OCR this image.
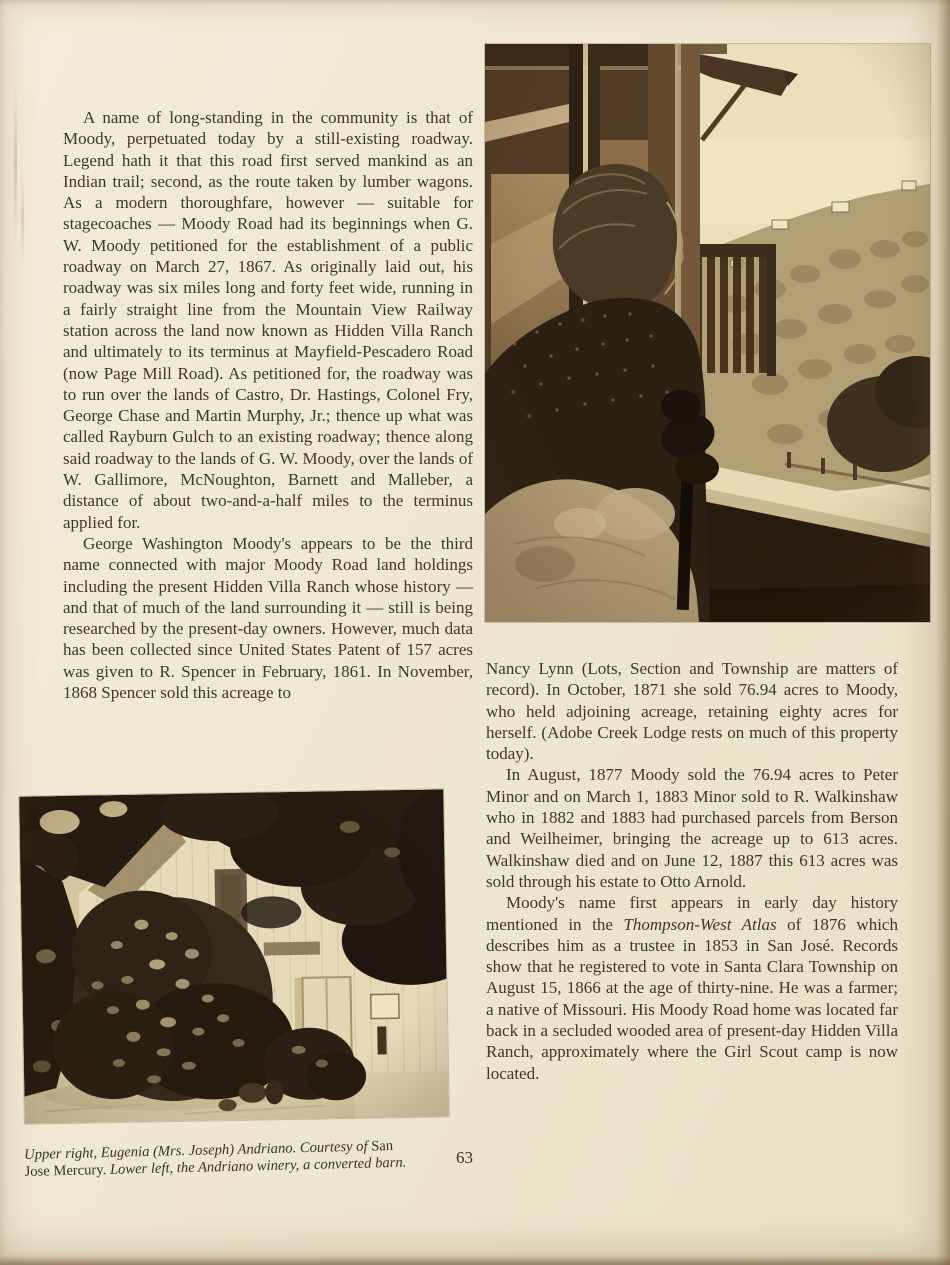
A name of long-standing in the community is that of Moody, perpetuated today by a still-existing roadway. Legend hath it that this road first served mankind as an Indian trail; second, as the route taken by lumber wagons. As a modern thoroughfare, however — suitable for stagecoaches — Moody Road had its beginnings when G. W. Moody petitioned for the establishment of a public roadway on March 27, 1867. As originally laid out, his roadway was six miles long and forty feet wide, running in a fairly straight line from the Mountain View Railway station across the land now known as Hidden Villa Ranch and ultimately to its terminus at Mayfield-Pescadero Road (now Page Mill Road). As petitioned for, the roadway was to run over the lands of Castro, Dr. Hastings, Colonel Fry, George Chase and Martin Murphy, Jr.; thence up what was called Rayburn Gulch to an existing roadway; thence along said roadway to the lands of G. W. Moody, over the lands of W. Gallimore, McNoughton, Barnett and Malleber, a distance of about two-and-a-half miles to the terminus applied for.

George Washington Moody's appears to be the third name connected with major Moody Road land holdings including the present Hidden Villa Ranch whose history — and that of much of the land surrounding it — still is being researched by the present-day owners. However, much data has been collected since United States Patent of 157 acres was given to R. Spencer in February, 1861. In November, 1868 Spencer sold this acreage to

Nancy Lynn (Lots, Section and Township are matters of record). In October, 1871 she sold 76.94 acres to Moody, who held adjoining acreage, retaining eighty acres for herself. (Adobe Creek Lodge rests on much of this property today).

In August, 1877 Moody sold the 76.94 acres to Peter Minor and on March 1, 1883 Minor sold to R. Walkinshaw who in 1882 and 1883 had purchased parcels from Berson and Weilheimer, bringing the acreage up to 613 acres. Walkinshaw died and on June 12, 1887 this 613 acres was sold through his estate to Otto Arnold.

Moody's name first appears in early day history mentioned in the Thompson-West Atlas of 1876 which describes him as a trustee in 1853 in San José. Records show that he registered to vote in Santa Clara Township on August 15, 1866 at the age of thirty-nine. He was a farmer; a native of Missouri. His Moody Road home was located far back in a secluded wooded area of present-day Hidden Villa Ranch, approximately where the Girl Scout camp is now located.

Upper right, Eugenia (Mrs. Joseph) Andriano. Courtesy of San Jose Mercury. Lower left, the Andriano winery, a converted barn.	63
